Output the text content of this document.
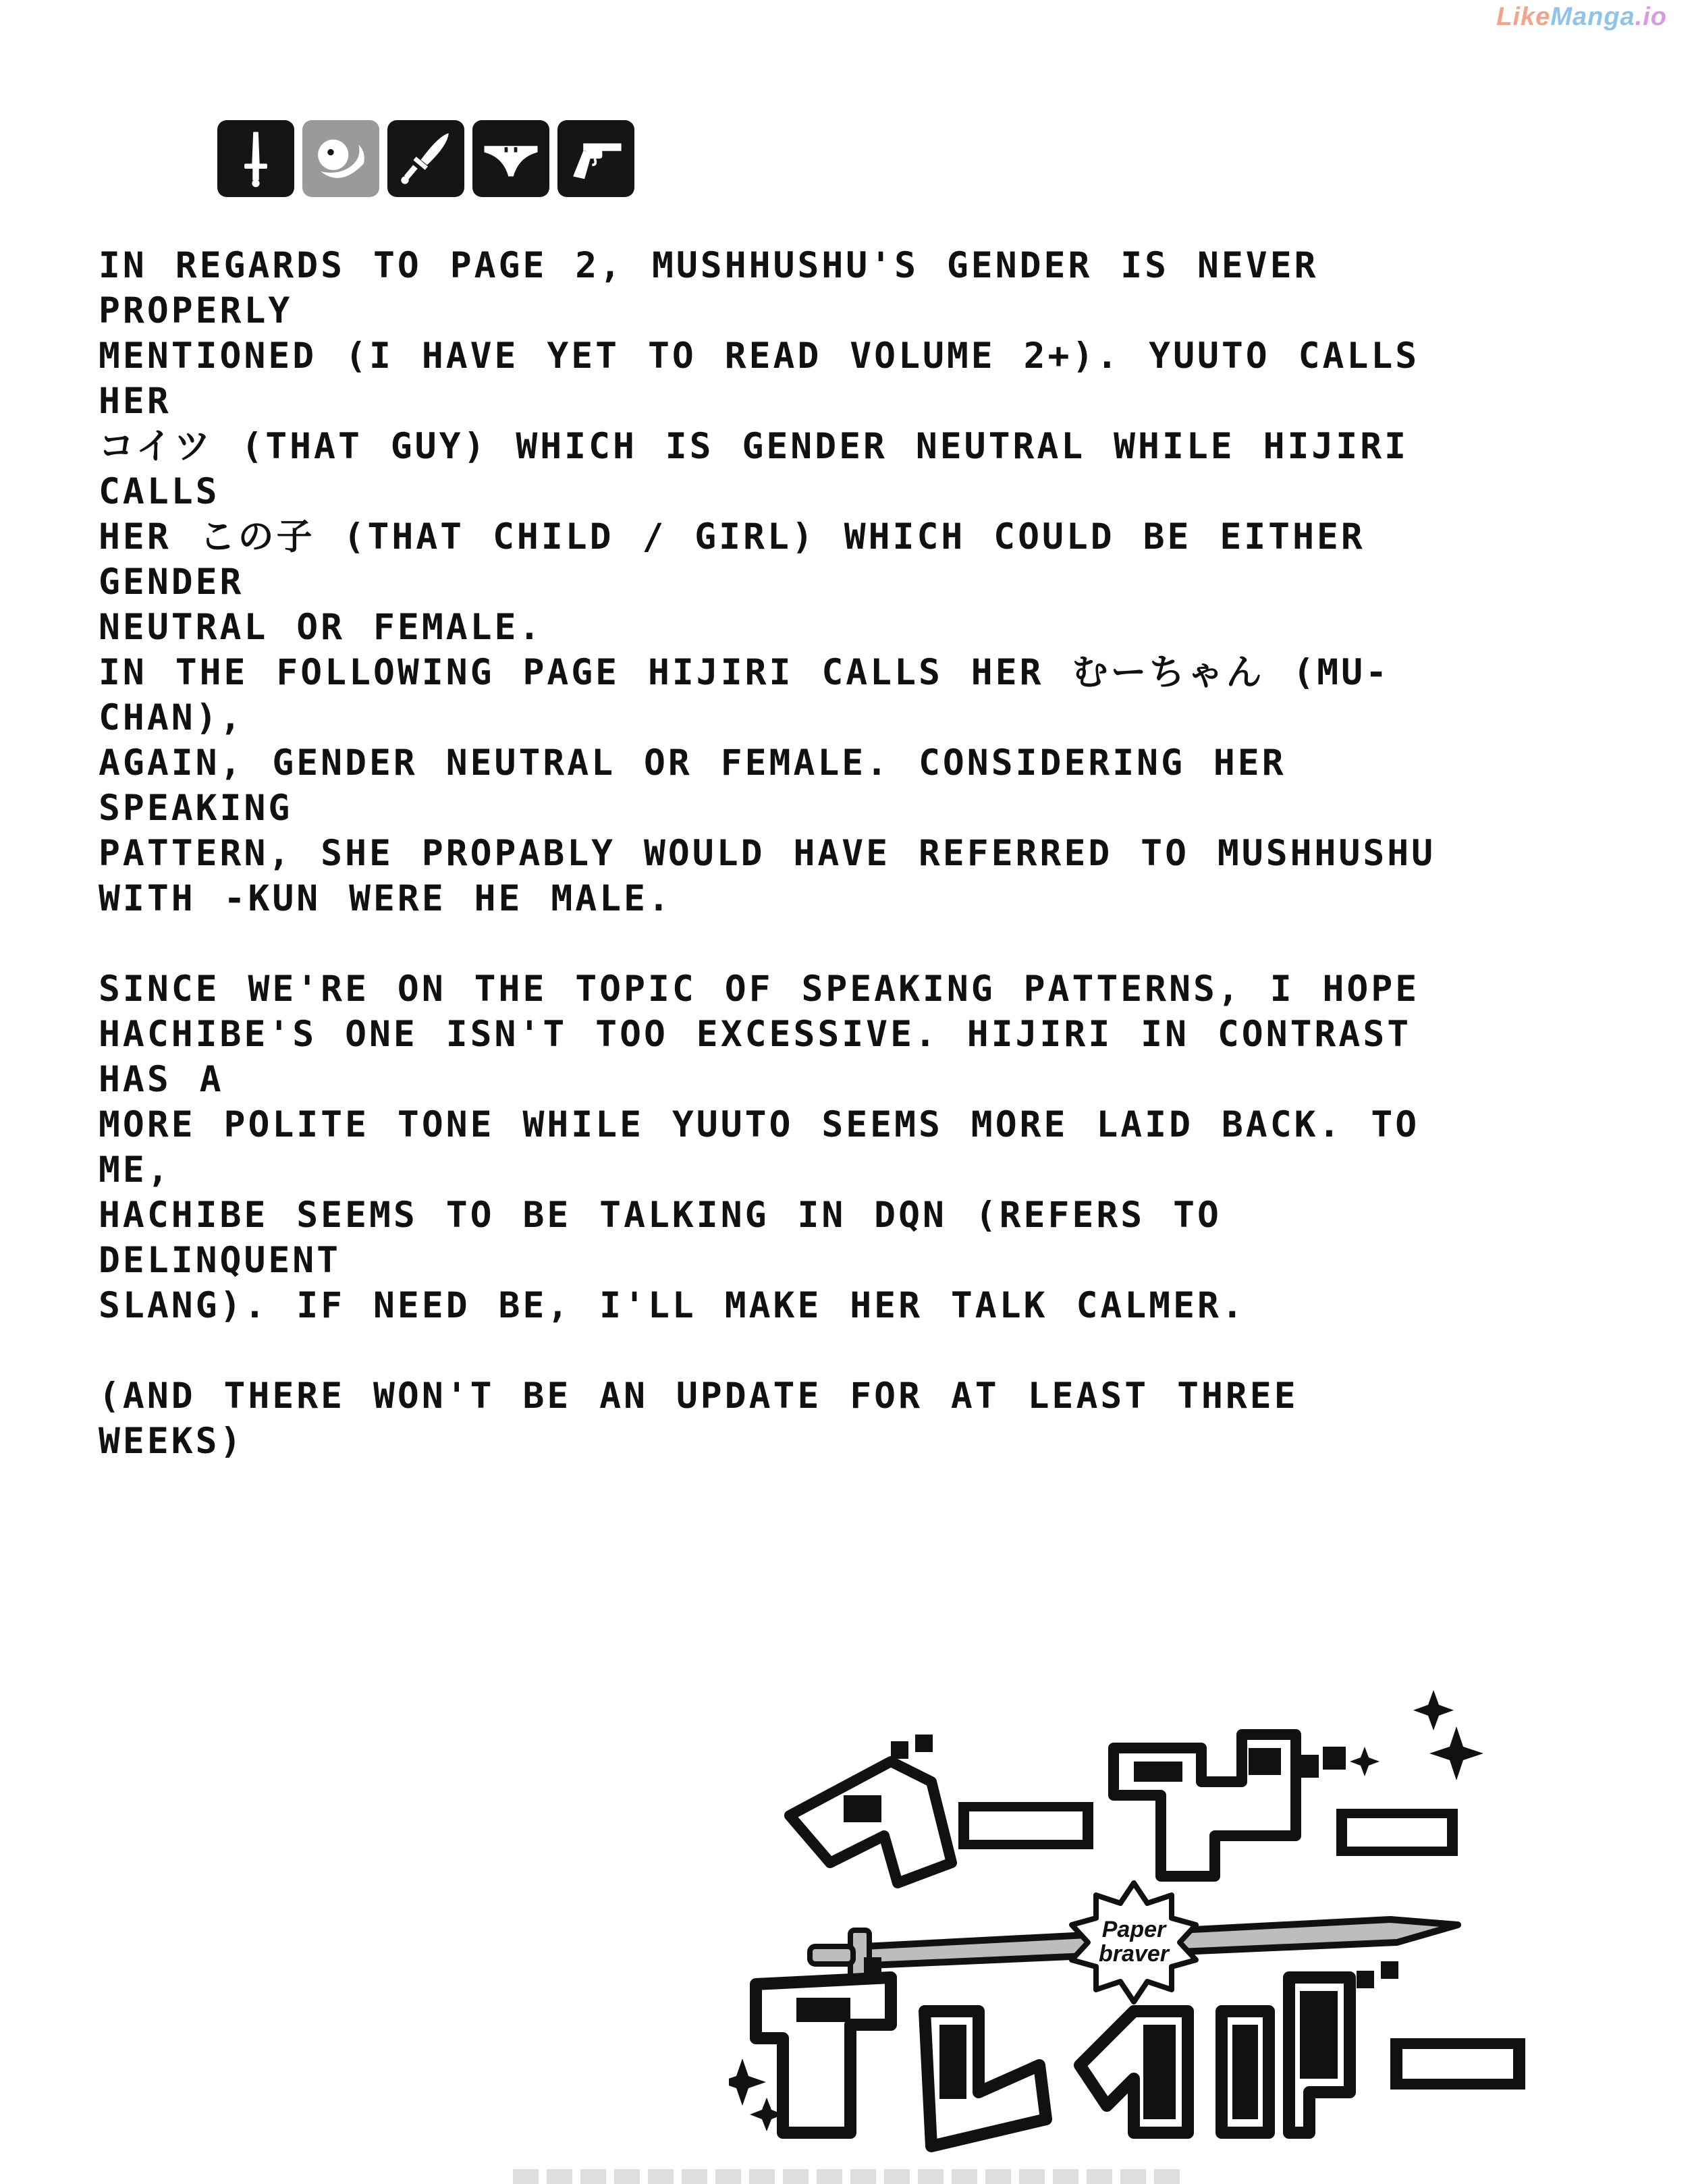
LikeManga.io

IN REGARDS TO PAGE 2, MUSHHUSHU'S GENDER IS NEVER PROPERLY
MENTIONED (I HAVE YET TO READ VOLUME 2+). YUUTO CALLS HER
コイツ (THAT GUY) WHICH IS GENDER NEUTRAL WHILE HIJIRI CALLS
HER この子 (THAT CHILD / GIRL) WHICH COULD BE EITHER GENDER
NEUTRAL OR FEMALE.
IN THE FOLLOWING PAGE HIJIRI CALLS HER むーちゃん (MU-CHAN),
AGAIN, GENDER NEUTRAL OR FEMALE. CONSIDERING HER SPEAKING
PATTERN, SHE PROPABLY WOULD HAVE REFERRED TO MUSHHUSHU
WITH -KUN WERE HE MALE.

SINCE WE'RE ON THE TOPIC OF SPEAKING PATTERNS, I HOPE
HACHIBE'S ONE ISN'T TOO EXCESSIVE. HIJIRI IN CONTRAST HAS A
MORE POLITE TONE WHILE YUUTO SEEMS MORE LAID BACK. TO ME,
HACHIBE SEEMS TO BE TALKING IN DQN (REFERS TO DELINQUENT
SLANG). IF NEED BE, I'LL MAKE HER TALK CALMER.

(AND THERE WON'T BE AN UPDATE FOR AT LEAST THREE WEEKS)

Paper
braver
